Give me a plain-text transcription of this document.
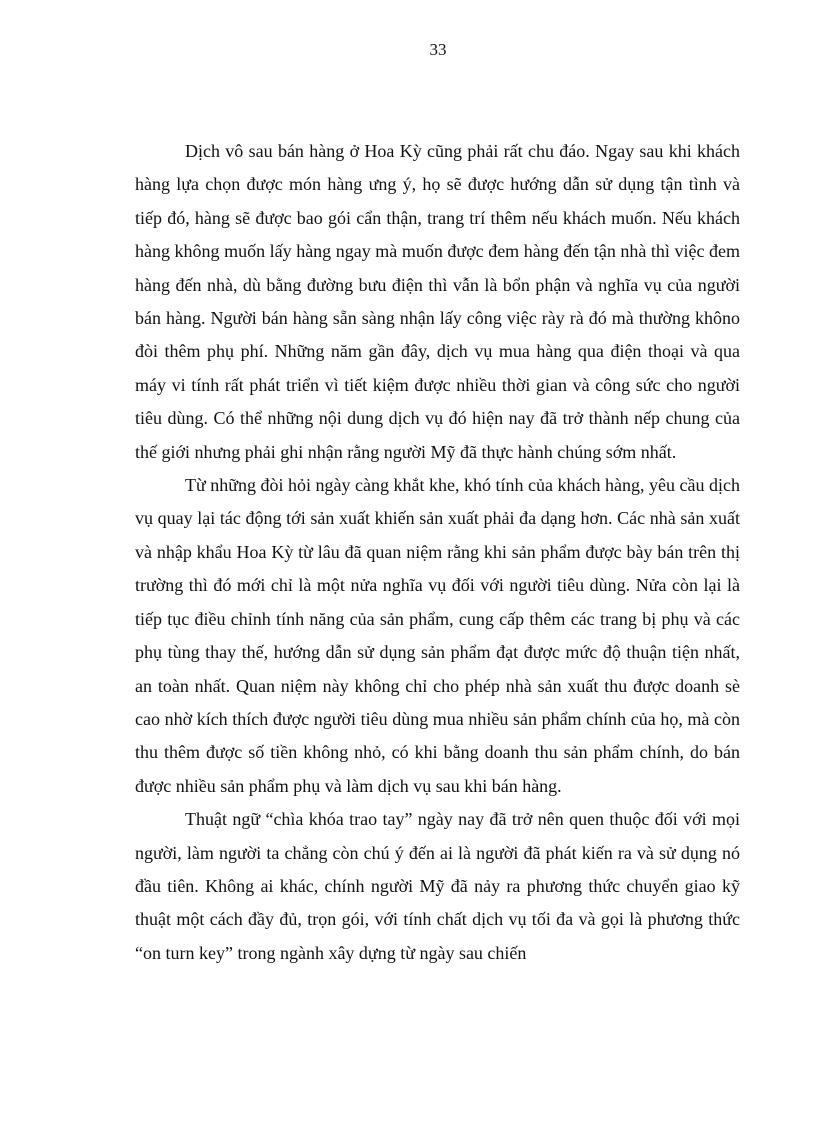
33

Dịch vô sau bán hàng ở Hoa Kỳ cũng phải rất chu đáo. Ngay sau khi khách hàng lựa chọn được món hàng ưng ý, họ sẽ được hướng dẫn sử dụng tận tình và tiếp đó, hàng sẽ được bao gói cẩn thận, trang trí thêm nếu khách muốn. Nếu khách hàng không muốn lấy hàng ngay mà muốn được đem hàng đến tận nhà thì việc đem hàng đến nhà, dù bằng đường bưu điện thì vẫn là bổn phận và nghĩa vụ của người bán hàng. Người bán hàng sẵn sàng nhận lấy công việc rày rà đó mà thường khôno đòi thêm phụ phí. Những năm gần đây, dịch vụ mua hàng qua điện thoại và qua máy vi tính rất phát triển vì tiết kiệm được nhiều thời gian và công sức cho người tiêu dùng. Có thể những nội dung dịch vụ đó hiện nay đã trở thành nếp chung của thế giới nhưng phải ghi nhận rằng người Mỹ đã thực hành chúng sớm nhất.

Từ những đòi hỏi ngày càng khắt khe, khó tính của khách hàng, yêu cầu dịch vụ quay lại tác động tới sản xuất khiến sản xuất phải đa dạng hơn. Các nhà sản xuất và nhập khẩu Hoa Kỳ từ lâu đã quan niệm rằng khi sản phẩm được bày bán trên thị trường thì đó mới chỉ là một nửa nghĩa vụ đối với người tiêu dùng. Nửa còn lại là tiếp tục điều chỉnh tính năng của sản phẩm, cung cấp thêm các trang bị phụ và các phụ tùng thay thế, hướng dẫn sử dụng sản phẩm đạt được mức độ thuận tiện nhất, an toàn nhất. Quan niệm này không chỉ cho phép nhà sản xuất thu được doanh sè cao nhờ kích thích được người tiêu dùng mua nhiều sản phẩm chính của họ, mà còn thu thêm được số tiền không nhỏ, có khi bằng doanh thu sản phẩm chính, do bán được nhiều sản phẩm phụ và làm dịch vụ sau khi bán hàng.

Thuật ngữ “chìa khóa trao tay” ngày nay đã trở nên quen thuộc đối với mọi người, làm người ta chẳng còn chú ý đến ai là người đã phát kiến ra và sử dụng nó đầu tiên. Không ai khác, chính người Mỹ đã nảy ra phương thức chuyển giao kỹ thuật một cách đầy đủ, trọn gói, với tính chất dịch vụ tối đa và gọi là phương thức “on turn key” trong ngành xây dựng từ ngày sau chiến
